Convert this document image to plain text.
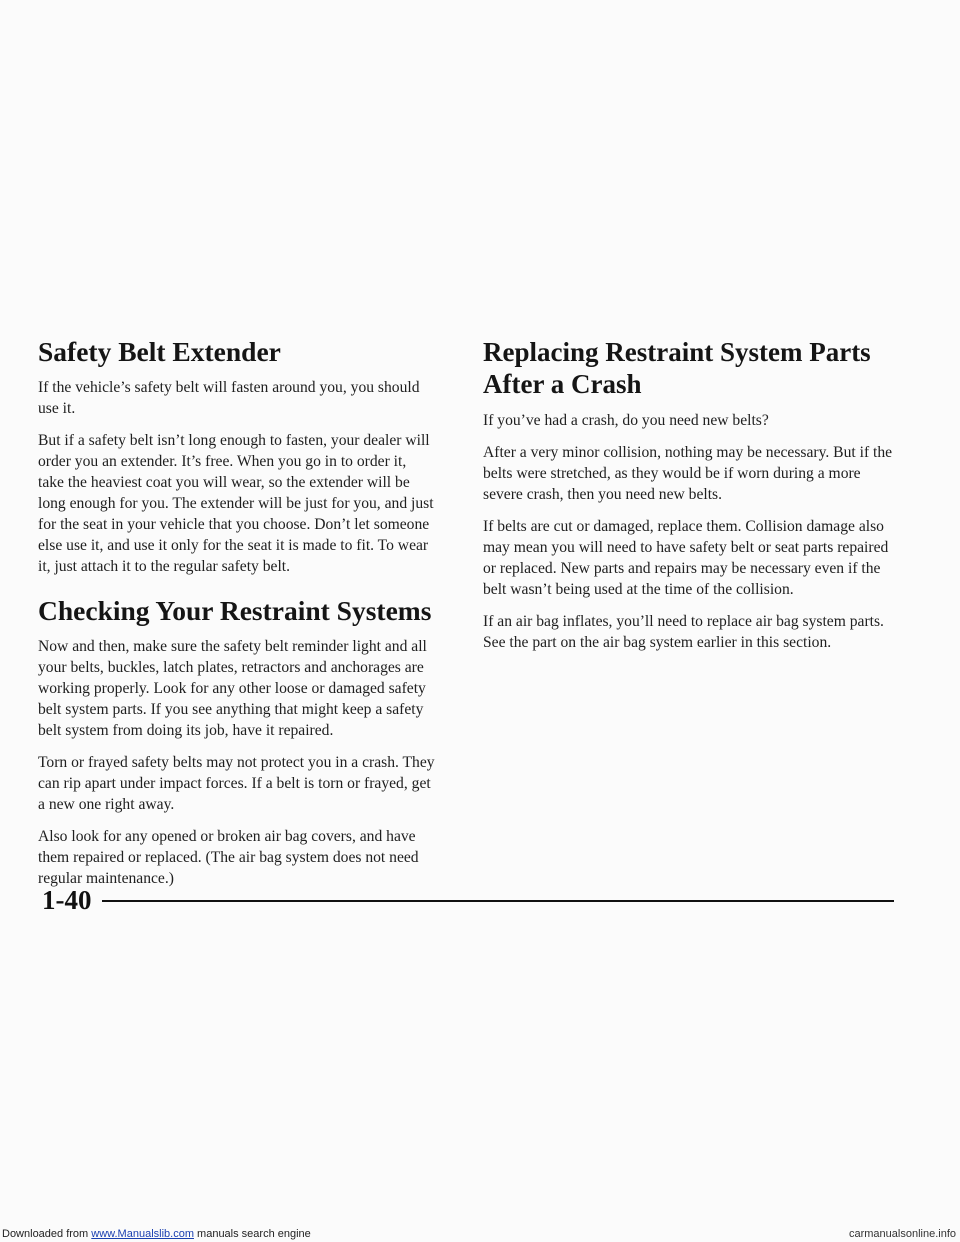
Safety Belt Extender

If the vehicle’s safety belt will fasten around you, you should use it.

But if a safety belt isn’t long enough to fasten, your dealer will order you an extender. It’s free. When you go in to order it, take the heaviest coat you will wear, so the extender will be long enough for you. The extender will be just for you, and just for the seat in your vehicle that you choose. Don’t let someone else use it, and use it only for the seat it is made to fit. To wear it, just attach it to the regular safety belt.

Checking Your Restraint Systems

Now and then, make sure the safety belt reminder light and all your belts, buckles, latch plates, retractors and anchorages are working properly. Look for any other loose or damaged safety belt system parts. If you see anything that might keep a safety belt system from doing its job, have it repaired.

Torn or frayed safety belts may not protect you in a crash. They can rip apart under impact forces. If a belt is torn or frayed, get a new one right away.

Also look for any opened or broken air bag covers, and have them repaired or replaced. (The air bag system does not need regular maintenance.)

Replacing Restraint System Parts After a Crash

If you’ve had a crash, do you need new belts?

After a very minor collision, nothing may be necessary. But if the belts were stretched, as they would be if worn during a more severe crash, then you need new belts.

If belts are cut or damaged, replace them. Collision damage also may mean you will need to have safety belt or seat parts repaired or replaced. New parts and repairs may be necessary even if the belt wasn’t being used at the time of the collision.

If an air bag inflates, you’ll need to replace air bag system parts. See the part on the air bag system earlier in this section.

1-40
Downloaded from www.Manualslib.com manuals search engine	carmanualsonline.info
